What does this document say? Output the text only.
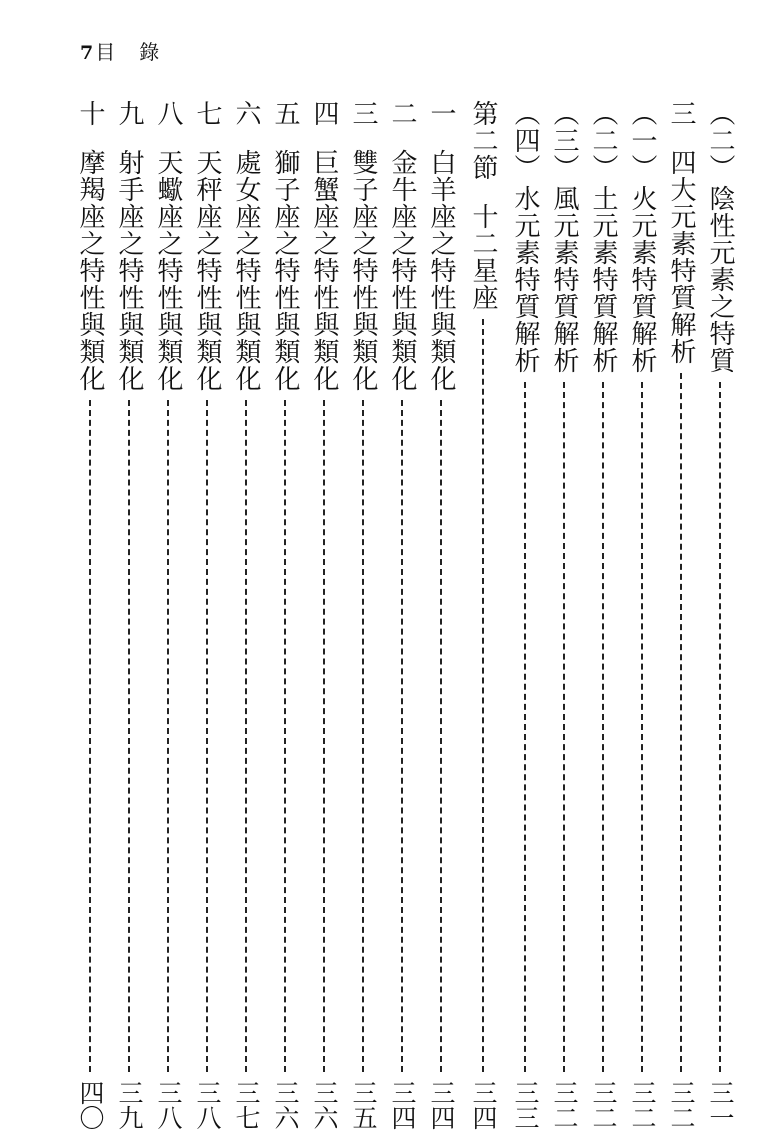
7目　錄
（二）
陰性元素之特質
三一
三
四大元素特質解析
三二
（一）
火元素特質解析
三二
（二）
土元素特質解析
三二
（三）
風元素特質解析
三二
（四）
水元素特質解析
三三
第二節
十二星座
三四
一
白羊座之特性與類化
三四
二
金牛座之特性與類化
三四
三
雙子座之特性與類化
三五
四
巨蟹座之特性與類化
三六
五
獅子座之特性與類化
三六
六
處女座之特性與類化
三七
七
天秤座之特性與類化
三八
八
天蠍座之特性與類化
三八
九
射手座之特性與類化
三九
十
摩羯座之特性與類化
四〇
